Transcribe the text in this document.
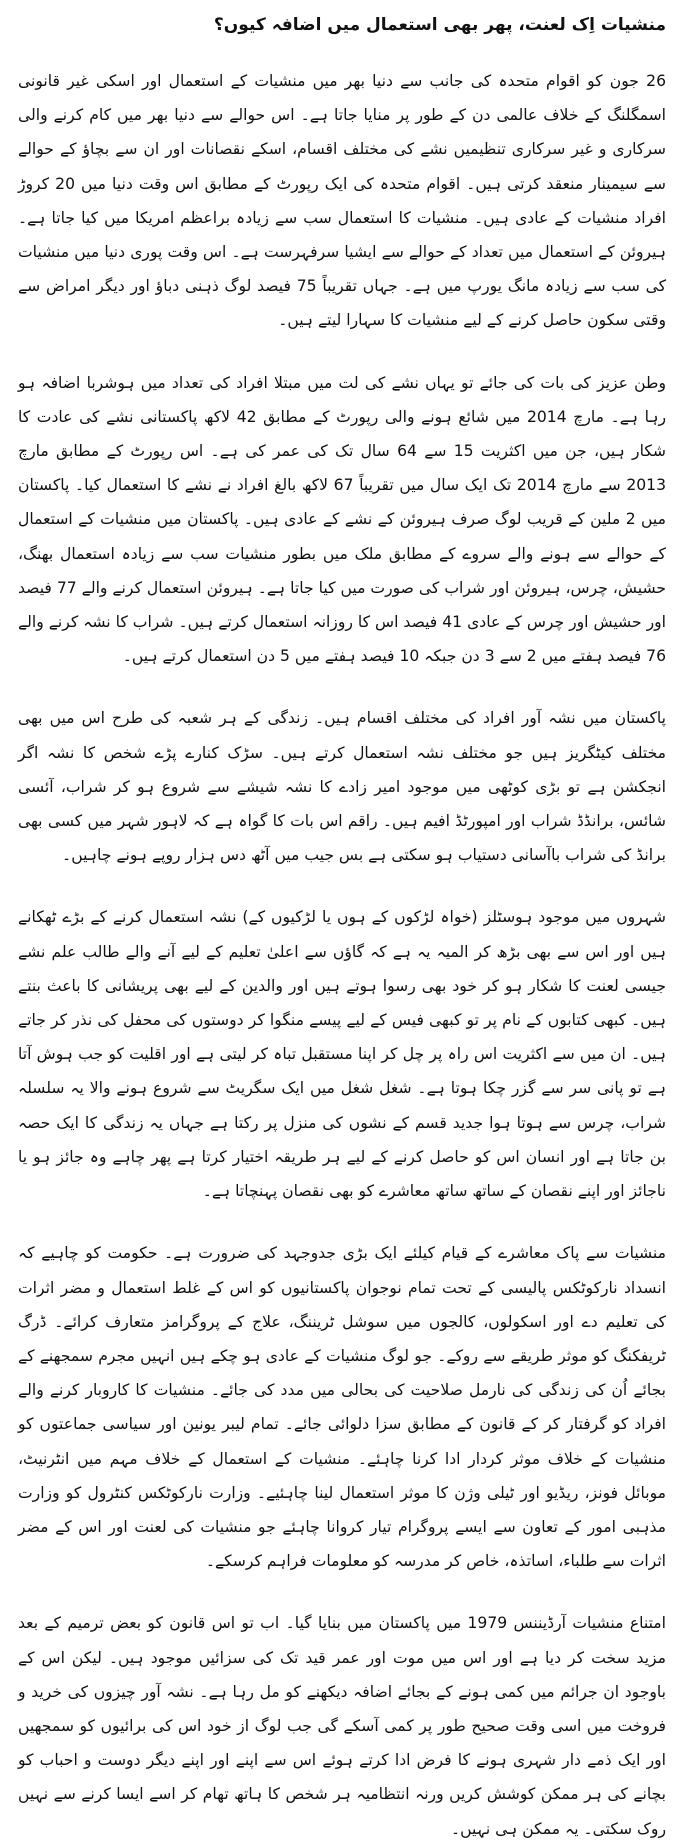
منشیات اِک لعنت، پھر بھی استعمال میں اضافہ کیوں؟

26 جون کو اقوام متحدہ کی جانب سے دنیا بھر میں منشیات کے استعمال اور اسکی غیر قانونی اسمگلنگ کے خلاف عالمی دن کے طور پر منایا جاتا ہے۔ اس حوالے سے دنیا بھر میں کام کرنے والی سرکاری و غیر سرکاری تنظیمیں نشے کی مختلف اقسام، اسکے نقصانات اور ان سے بچاؤ کے حوالے سے سیمینار منعقد کرتی ہیں۔ اقوام متحدہ کی ایک رپورٹ کے مطابق اس وقت دنیا میں 20 کروڑ افراد منشیات کے عادی ہیں۔ منشیات کا استعمال سب سے زیادہ براعظم امریکا میں کیا جاتا ہے۔ ہیروئن کے استعمال میں تعداد کے حوالے سے ایشیا سرفہرست ہے۔ اس وقت پوری دنیا میں منشیات کی سب سے زیادہ مانگ یورپ میں ہے۔ جہاں تقریباً 75 فیصد لوگ ذہنی دباؤ اور دیگر امراض سے وقتی سکون حاصل کرنے کے لیے منشیات کا سہارا لیتے ہیں۔

وطن عزیز کی بات کی جائے تو یہاں نشے کی لت میں مبتلا افراد کی تعداد میں ہوشربا اضافہ ہو رہا ہے۔ مارچ 2014 میں شائع ہونے والی رپورٹ کے مطابق 42 لاکھ پاکستانی نشے کی عادت کا شکار ہیں، جن میں اکثریت 15 سے 64 سال تک کی عمر کی ہے۔ اس رپورٹ کے مطابق مارچ 2013 سے مارچ 2014 تک ایک سال میں تقریباً 67 لاکھ بالغ افراد نے نشے کا استعمال کیا۔ پاکستان میں 2 ملین کے قریب لوگ صرف ہیروئن کے نشے کے عادی ہیں۔ پاکستان میں منشیات کے استعمال کے حوالے سے ہونے والے سروے کے مطابق ملک میں بطور منشیات سب سے زیادہ استعمال بھنگ، حشیش، چرس، ہیروئن اور شراب کی صورت میں کیا جاتا ہے۔ ہیروئن استعمال کرنے والے 77 فیصد اور حشیش اور چرس کے عادی 41 فیصد اس کا روزانہ استعمال کرتے ہیں۔ شراب کا نشہ کرنے والے 76 فیصد ہفتے میں 2 سے 3 دن جبکہ 10 فیصد ہفتے میں 5 دن استعمال کرتے ہیں۔

پاکستان میں نشہ آور افراد کی مختلف اقسام ہیں۔ زندگی کے ہر شعبہ کی طرح اس میں بھی مختلف کیٹگریز ہیں جو مختلف نشہ استعمال کرتے ہیں۔ سڑک کنارے پڑے شخص کا نشہ اگر انجکشن ہے تو بڑی کوٹھی میں موجود امیر زادے کا نشہ شیشے سے شروع ہو کر شراب، آئسی شائس، برانڈڈ شراب اور امپورٹڈ افیم ہیں۔ راقم اس بات کا گواہ ہے کہ لاہور شہر میں کسی بھی برانڈ کی شراب باآسانی دستیاب ہو سکتی ہے بس جیب میں آٹھ دس ہزار روپے ہونے چاہیں۔

شہروں میں موجود ہوسٹلز (خواہ لڑکوں کے ہوں یا لڑکیوں کے) نشہ استعمال کرنے کے بڑے ٹھکانے ہیں اور اس سے بھی بڑھ کر المیہ یہ ہے کہ گاؤں سے اعلیٰ تعلیم کے لیے آنے والے طالب علم نشے جیسی لعنت کا شکار ہو کر خود بھی رسوا ہوتے ہیں اور والدین کے لیے بھی پریشانی کا باعث بنتے ہیں۔ کبھی کتابوں کے نام پر تو کبھی فیس کے لیے پیسے منگوا کر دوستوں کی محفل کی نذر کر جاتے ہیں۔ ان میں سے اکثریت اس راہ پر چل کر اپنا مستقبل تباہ کر لیتی ہے اور اقلیت کو جب ہوش آتا ہے تو پانی سر سے گزر چکا ہوتا ہے۔ شغل شغل میں ایک سگریٹ سے شروع ہونے والا یہ سلسلہ شراب، چرس سے ہوتا ہوا جدید قسم کے نشوں کی منزل پر رکتا ہے جہاں یہ زندگی کا ایک حصہ بن جاتا ہے اور انسان اس کو حاصل کرنے کے لیے ہر طریقہ اختیار کرتا ہے پھر چاہے وہ جائز ہو یا ناجائز اور اپنے نقصان کے ساتھ ساتھ معاشرے کو بھی نقصان پہنچاتا ہے۔

منشیات سے پاک معاشرے کے قیام کیلئے ایک بڑی جدوجہد کی ضرورت ہے۔ حکومت کو چاہیے کہ انسداد نارکوٹکس پالیسی کے تحت تمام نوجوان پاکستانیوں کو اس کے غلط استعمال و مضر اثرات کی تعلیم دے اور اسکولوں، کالجوں میں سوشل ٹریننگ، علاج کے پروگرامز متعارف کرائے۔ ڈرگ ٹریفکنگ کو موثر طریقے سے روکے۔ جو لوگ منشیات کے عادی ہو چکے ہیں انہیں مجرم سمجھنے کے بجائے اُن کی زندگی کی نارمل صلاحیت کی بحالی میں مدد کی جائے۔ منشیات کا کاروبار کرنے والے افراد کو گرفتار کر کے قانون کے مطابق سزا دلوائی جائے۔ تمام لیبر یونین اور سیاسی جماعتوں کو منشیات کے خلاف موثر کردار ادا کرنا چاہئے۔ منشیات کے استعمال کے خلاف مہم میں انٹرنیٹ، موبائل فونز، ریڈیو اور ٹیلی وژن کا موثر استعمال لینا چاہئیے۔ وزارت نارکوٹکس کنٹرول کو وزارت مذہبی امور کے تعاون سے ایسے پروگرام تیار کروانا چاہئے جو منشیات کی لعنت اور اس کے مضر اثرات سے طلباء، اساتذہ، خاص کر مدرسہ کو معلومات فراہم کرسکے۔

امتناع منشیات آرڈیننس 1979 میں پاکستان میں بنایا گیا۔ اب تو اس قانون کو بعض ترمیم کے بعد مزید سخت کر دیا ہے اور اس میں موت اور عمر قید تک کی سزائیں موجود ہیں۔ لیکن اس کے باوجود ان جرائم میں کمی ہونے کے بجائے اضافہ دیکھنے کو مل رہا ہے۔ نشہ آور چیزوں کی خرید و فروخت میں اسی وقت صحیح طور پر کمی آسکے گی جب لوگ از خود اس کی برائیوں کو سمجھیں اور ایک ذمے دار شہری ہونے کا فرض ادا کرتے ہوئے اس سے اپنے اور اپنے دیگر دوست و احباب کو بچانے کی ہر ممکن کوشش کریں ورنہ انتظامیہ ہر شخص کا ہاتھ تھام کر اسے ایسا کرنے سے نہیں روک سکتی۔ یہ ممکن ہی نہیں۔
